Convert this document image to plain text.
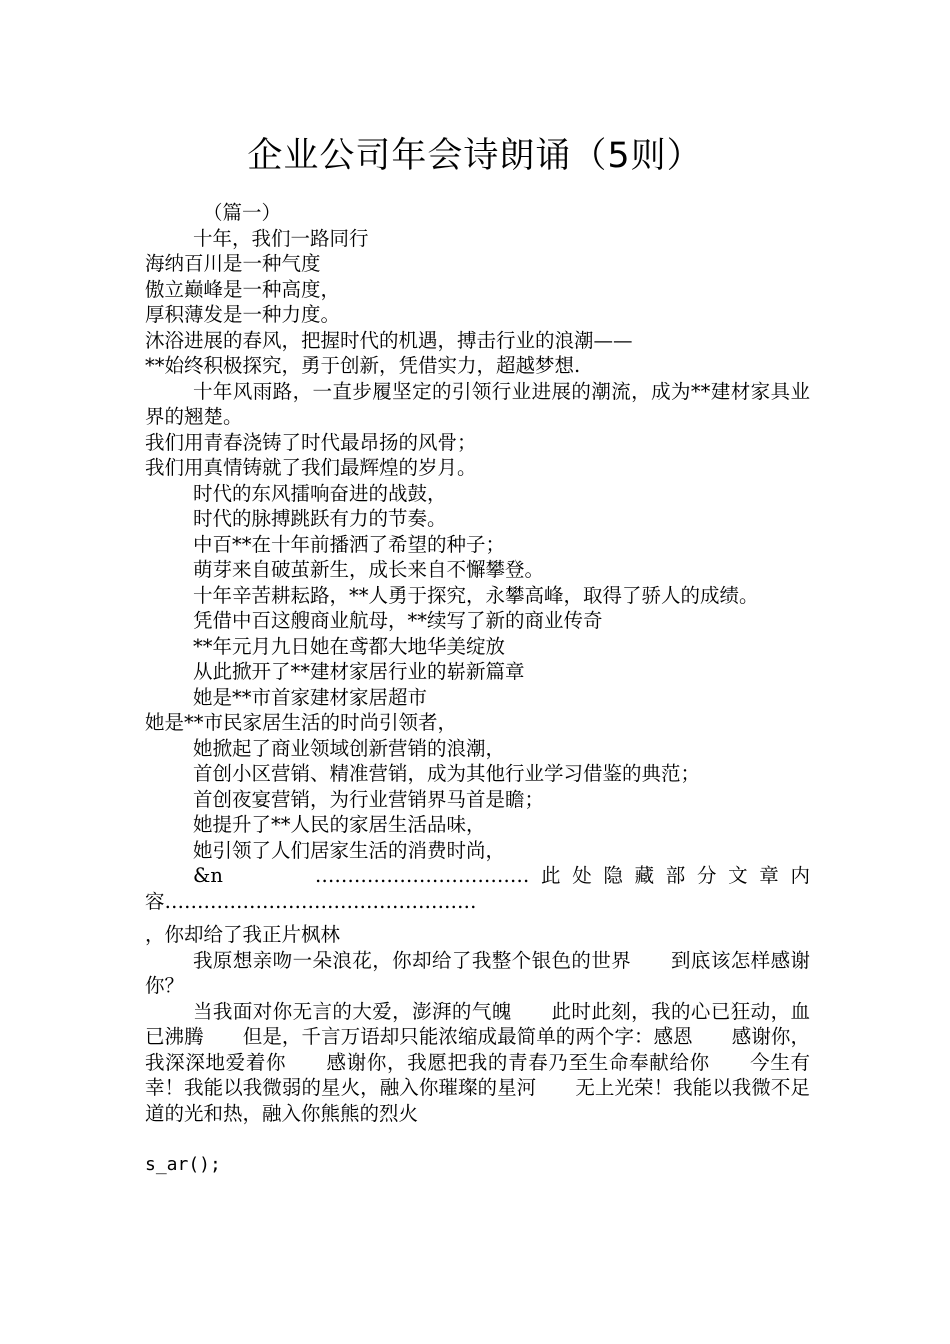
企业公司年会诗朗诵（5则）
（篇一）
十年，我们一路同行
海纳百川是一种气度
傲立巅峰是一种高度，
厚积薄发是一种力度。
沐浴进展的春风，把握时代的机遇，搏击行业的浪潮——
**始终积极探究，勇于创新，凭借实力，超越梦想.
十年风雨路，一直步履坚定的引领行业进展的潮流，成为**建材家具业界的翘楚。
我们用青春浇铸了时代最昂扬的风骨；
我们用真情铸就了我们最辉煌的岁月。
时代的东风擂响奋进的战鼓，
时代的脉搏跳跃有力的节奏。
中百**在十年前播洒了希望的种子；
萌芽来自破茧新生，成长来自不懈攀登。
十年辛苦耕耘路，**人勇于探究，永攀高峰，取得了骄人的成绩。
凭借中百这艘商业航母，**续写了新的商业传奇
**年元月九日她在鸢都大地华美绽放
从此掀开了**建材家居行业的崭新篇章
她是**市首家建材家居超市
她是**市民家居生活的时尚引领者，
她掀起了商业领域创新营销的浪潮，
首创小区营销、精准营销，成为其他行业学习借鉴的典范；
首创夜宴营销，为行业营销界马首是瞻；
她提升了**人民的家居生活品味，
她引领了人们居家生活的消费时尚，
&n　　 ……………………………此处隐藏部分文章内容…………………………………………
，你却给了我正片枫林
我原想亲吻一朵浪花，你却给了我整个银色的世界　　到底该怎样感谢你？
当我面对你无言的大爱，澎湃的气魄　　此时此刻，我的心已狂动，血已沸腾　　但是，千言万语却只能浓缩成最简单的两个字：感恩　　感谢你，我深深地爱着你　　感谢你，我愿把我的青春乃至生命奉献给你　　今生有幸！我能以我微弱的星火，融入你璀璨的星河　　无上光荣！我能以我微不足道的光和热，融入你熊熊的烈火
s_ar();
